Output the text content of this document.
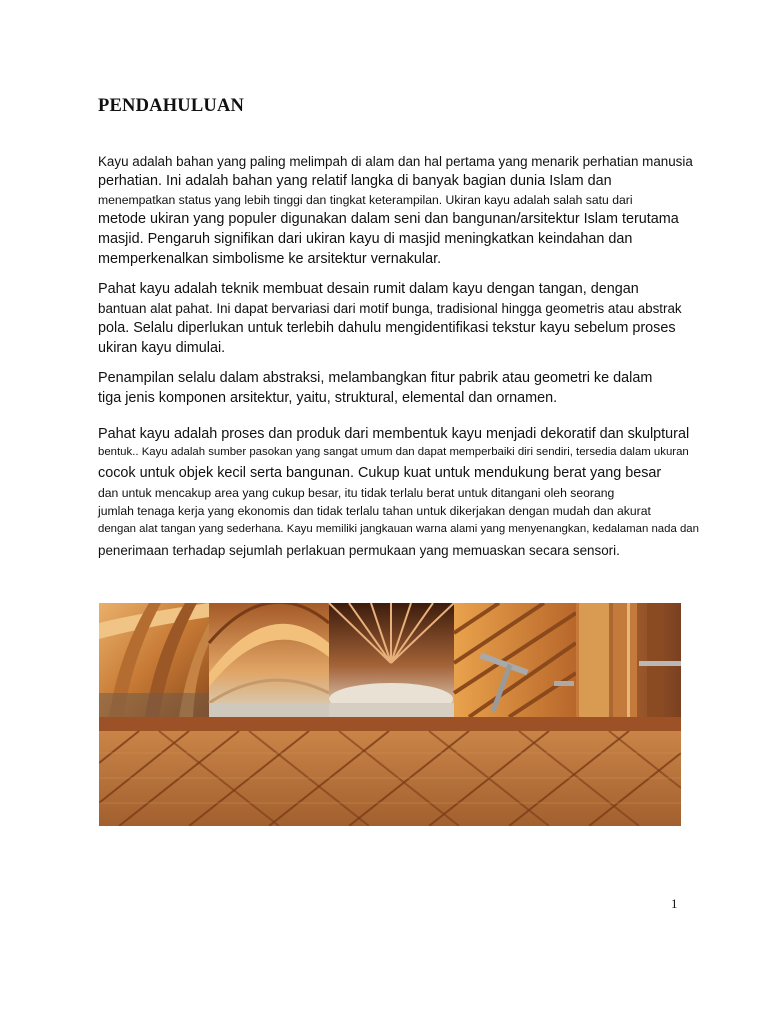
PENDAHULUAN

Kayu adalah bahan yang paling melimpah di alam dan hal pertama yang menarik perhatian manusia

perhatian. Ini adalah bahan yang relatif langka di banyak bagian dunia Islam dan

menempatkan status yang lebih tinggi dan tingkat keterampilan. Ukiran kayu adalah salah satu dari

metode ukiran yang populer digunakan dalam seni dan bangunan/arsitektur Islam terutama

masjid. Pengaruh signifikan dari ukiran kayu di masjid meningkatkan keindahan dan

memperkenalkan simbolisme ke arsitektur vernakular.

Pahat kayu adalah teknik membuat desain rumit dalam kayu dengan tangan, dengan

bantuan alat pahat. Ini dapat bervariasi dari motif bunga, tradisional hingga geometris atau abstrak

pola. Selalu diperlukan untuk terlebih dahulu mengidentifikasi tekstur kayu sebelum proses

ukiran kayu dimulai.

Penampilan selalu dalam abstraksi, melambangkan fitur pabrik atau geometri ke dalam

tiga jenis komponen arsitektur, yaitu, struktural, elemental dan ornamen.

Pahat kayu adalah proses dan produk dari membentuk kayu menjadi dekoratif dan skulptural

bentuk.. Kayu adalah sumber pasokan yang sangat umum dan dapat memperbaiki diri sendiri, tersedia dalam ukuran

cocok untuk objek kecil serta bangunan. Cukup kuat untuk mendukung berat yang besar

dan untuk mencakup area yang cukup besar, itu tidak terlalu berat untuk ditangani oleh seorang

jumlah tenaga kerja yang ekonomis dan tidak terlalu tahan untuk dikerjakan dengan mudah dan akurat

dengan alat tangan yang sederhana. Kayu memiliki jangkauan warna alami yang menyenangkan, kedalaman nada dan

penerimaan terhadap sejumlah perlakuan permukaan yang memuaskan secara sensori.

1
